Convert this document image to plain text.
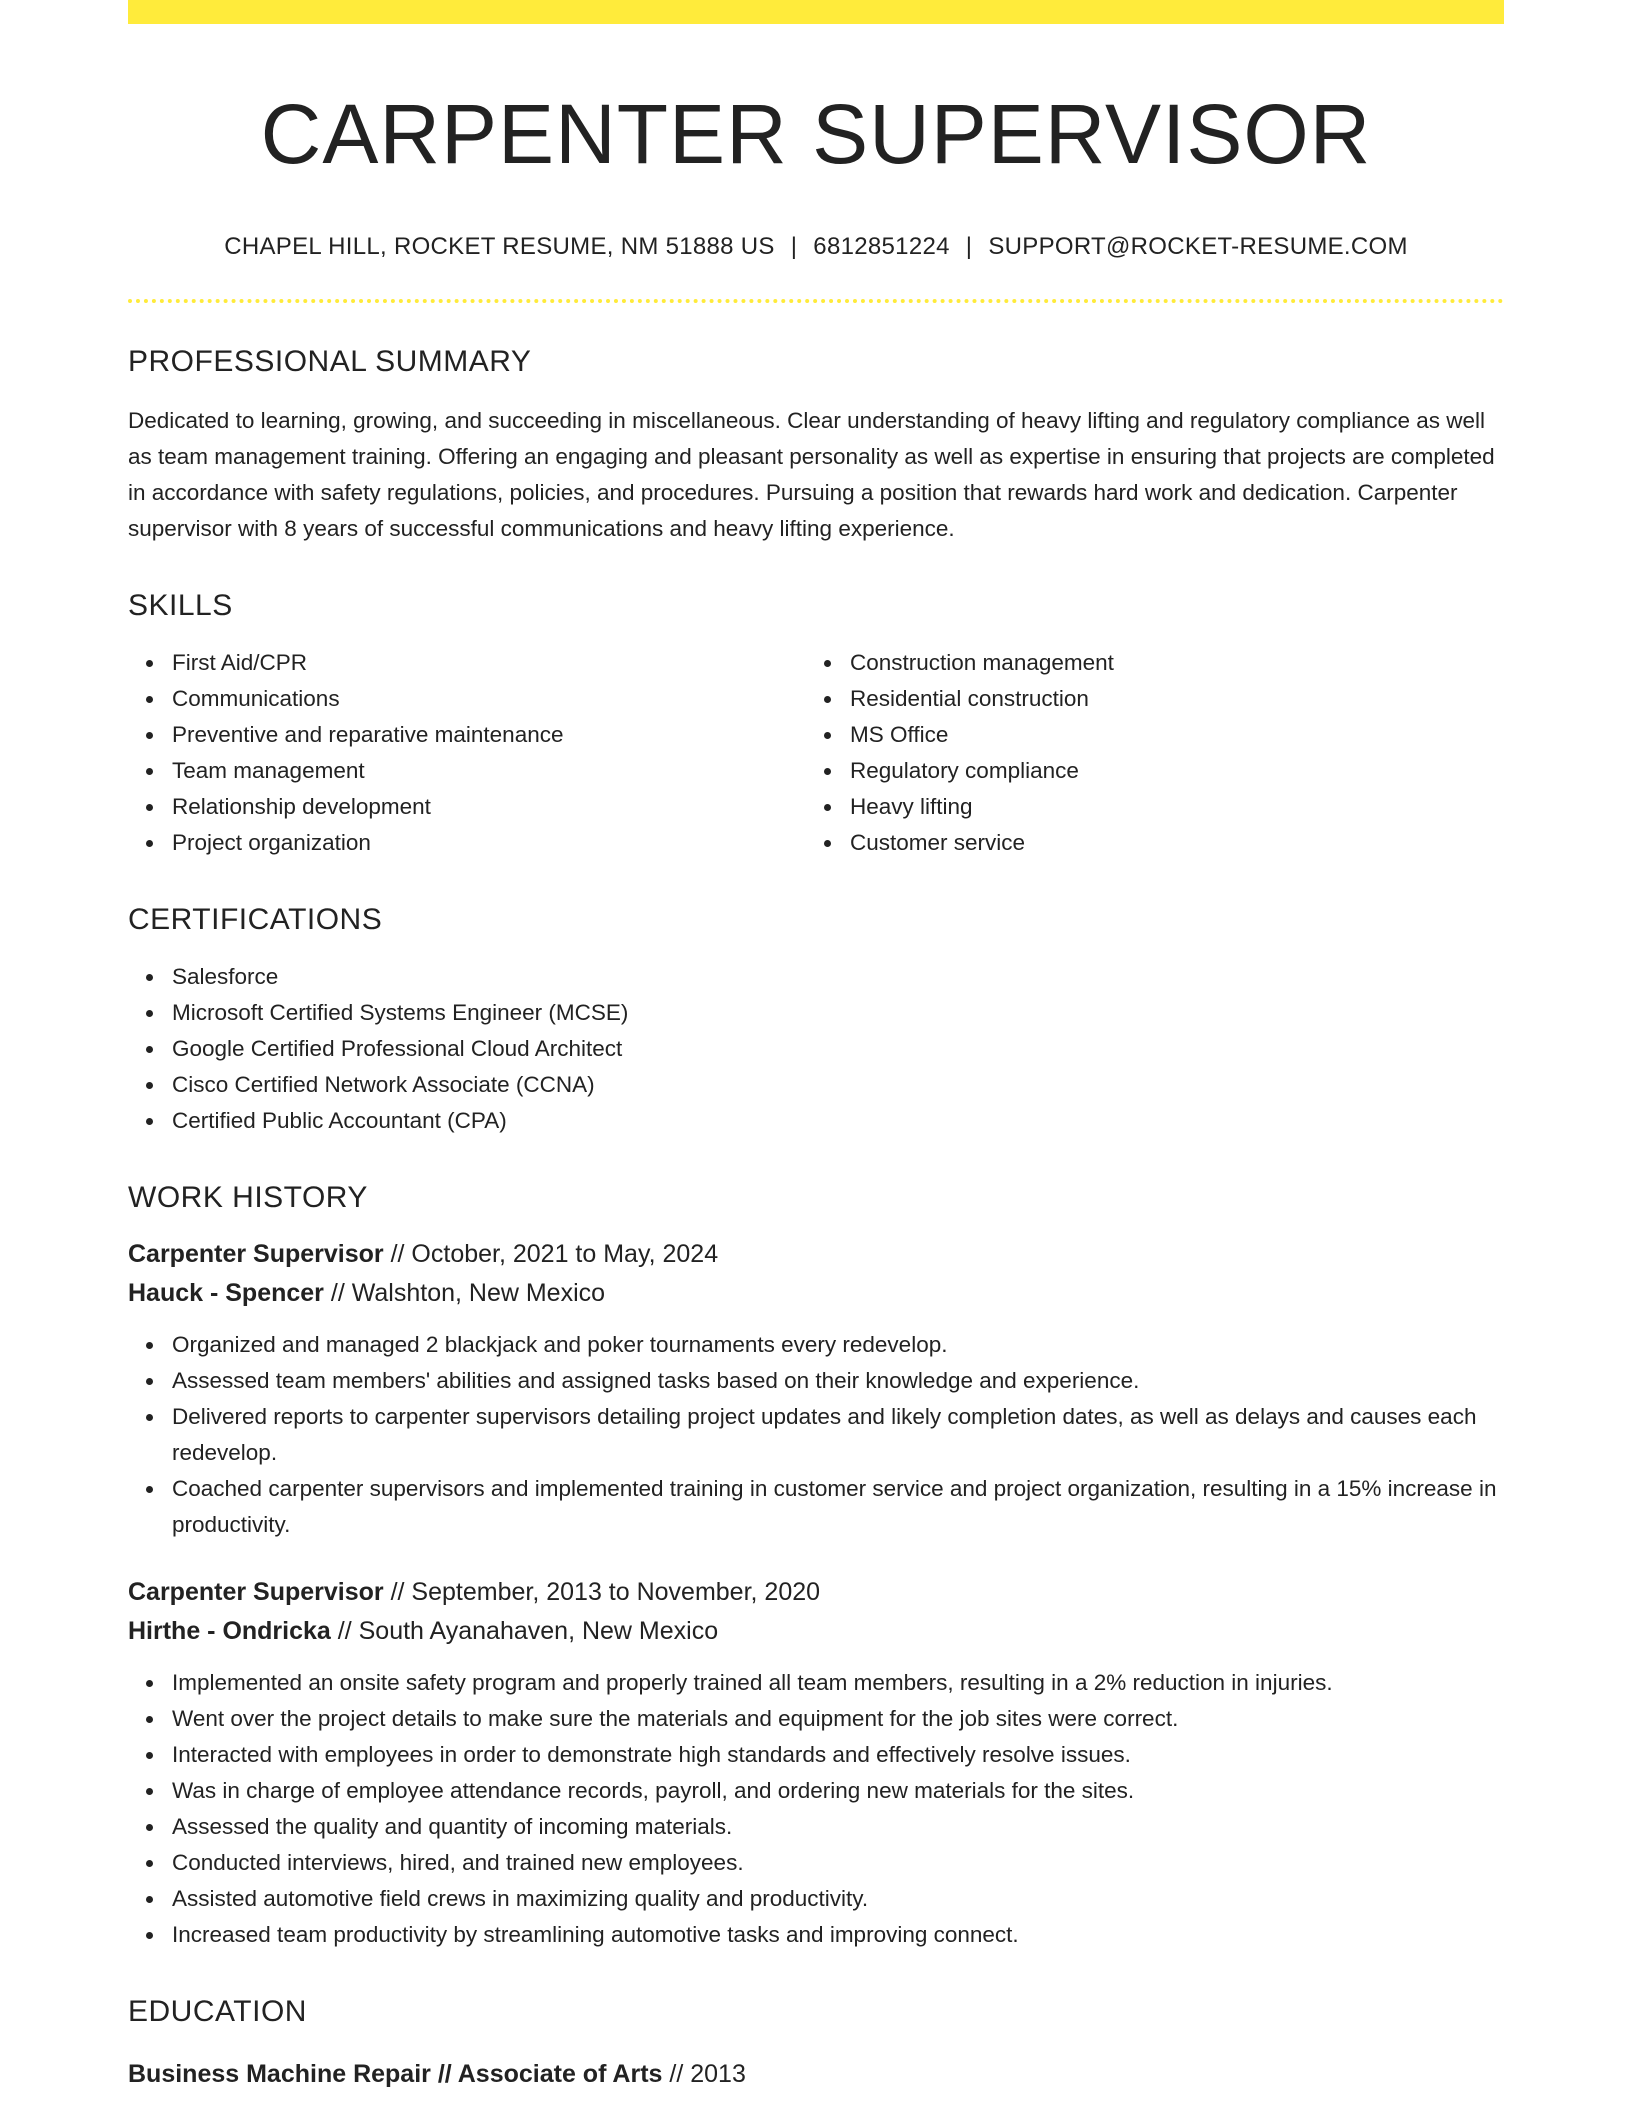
CARPENTER SUPERVISOR
CHAPEL HILL, ROCKET RESUME, NM 51888 US | 6812851224 | SUPPORT@ROCKET-RESUME.COM
PROFESSIONAL SUMMARY
Dedicated to learning, growing, and succeeding in miscellaneous. Clear understanding of heavy lifting and regulatory compliance as well as team management training. Offering an engaging and pleasant personality as well as expertise in ensuring that projects are completed in accordance with safety regulations, policies, and procedures. Pursuing a position that rewards hard work and dedication. Carpenter supervisor with 8 years of successful communications and heavy lifting experience.
SKILLS
First Aid/CPR
Communications
Preventive and reparative maintenance
Team management
Relationship development
Project organization
Construction management
Residential construction
MS Office
Regulatory compliance
Heavy lifting
Customer service
CERTIFICATIONS
Salesforce
Microsoft Certified Systems Engineer (MCSE)
Google Certified Professional Cloud Architect
Cisco Certified Network Associate (CCNA)
Certified Public Accountant (CPA)
WORK HISTORY
Carpenter Supervisor // October, 2021 to May, 2024
Hauck - Spencer // Walshton, New Mexico
Organized and managed 2 blackjack and poker tournaments every redevelop.
Assessed team members' abilities and assigned tasks based on their knowledge and experience.
Delivered reports to carpenter supervisors detailing project updates and likely completion dates, as well as delays and causes each redevelop.
Coached carpenter supervisors and implemented training in customer service and project organization, resulting in a 15% increase in productivity.
Carpenter Supervisor // September, 2013 to November, 2020
Hirthe - Ondricka // South Ayanahaven, New Mexico
Implemented an onsite safety program and properly trained all team members, resulting in a 2% reduction in injuries.
Went over the project details to make sure the materials and equipment for the job sites were correct.
Interacted with employees in order to demonstrate high standards and effectively resolve issues.
Was in charge of employee attendance records, payroll, and ordering new materials for the sites.
Assessed the quality and quantity of incoming materials.
Conducted interviews, hired, and trained new employees.
Assisted automotive field crews in maximizing quality and productivity.
Increased team productivity by streamlining automotive tasks and improving connect.
EDUCATION
Business Machine Repair // Associate of Arts // 2013
